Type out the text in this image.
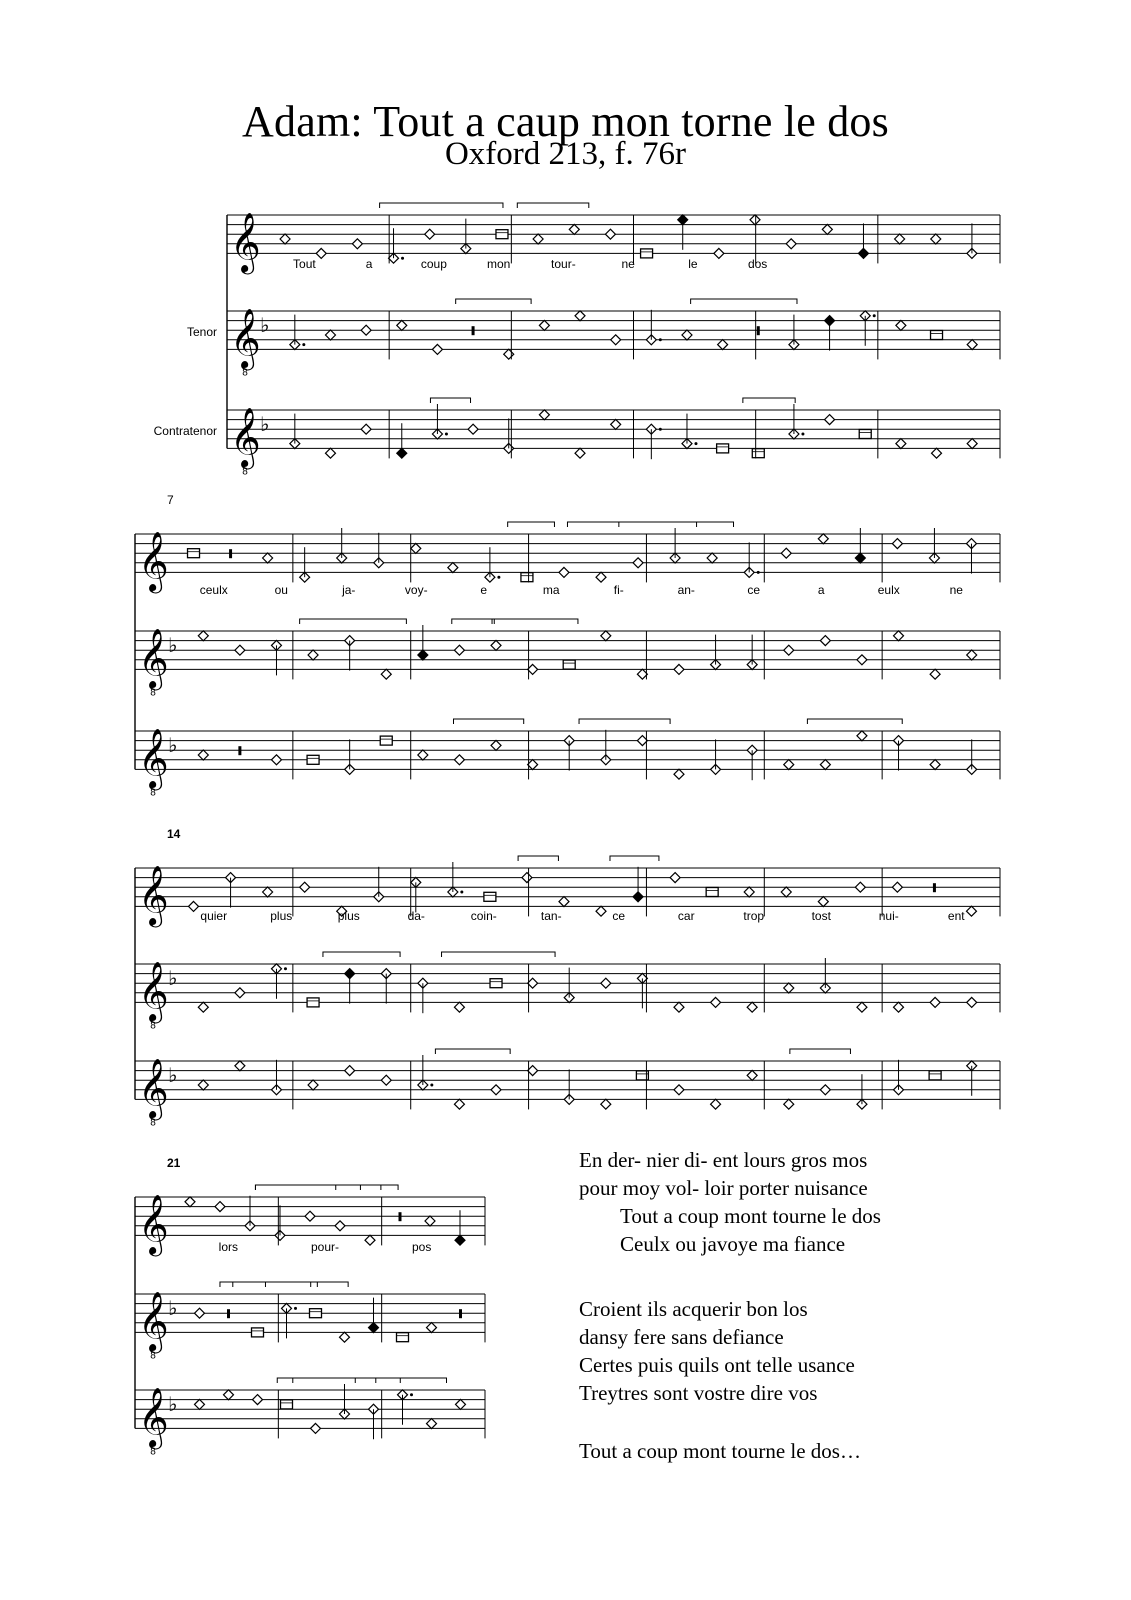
Adam: Tout a caup mon torne le dos
Oxford 213, f. 76r
𝄞
𝄞
8
♭
𝄞
8
♭
Tout	a	coup	mon	tour-	ne	le	dos
Tenor
Contratenor
𝄞
𝄞
8
♭
𝄞
8
♭
ceulx	ou	ja-	voy-	e	ma	fi-	an-	ce	a	eulx	ne
7
𝄞
𝄞
8
♭
𝄞
8
♭
quier	plus	plus	da-	coin-	tan-	ce	car	trop	tost	nui-	ent
14
𝄞
𝄞
8
♭
𝄞
8
♭
lors	pour-	pos
21	En der- nier di- ent lours gros mos
pour moy vol- loir porter nuisance
Tout a coup mont tourne le dos
Ceulx ou javoye ma fiance
Croient ils acquerir bon los
dansy fere sans defiance
Certes puis quils ont telle usance
Treytres sont vostre dire vos
Tout a coup mont tourne le dos…
